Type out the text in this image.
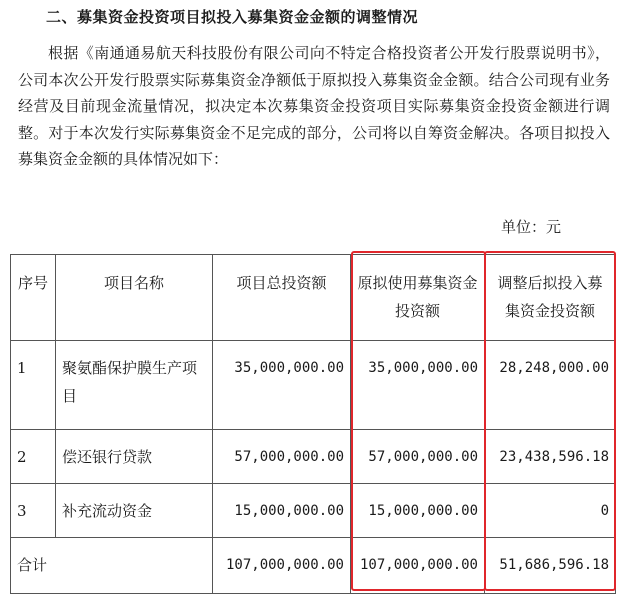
二、募集资金投资项目拟投入募集资金金额的调整情况

根据《南通通易航天科技股份有限公司向不特定合格投资者公开发行股票说明书》，公司本次公开发行股票实际募集资金净额低于原拟投入募集资金金额。结合公司现有业务经营及目前现金流量情况，拟决定本次募集资金投资项目实际募集资金投资金额进行调整。对于本次发行实际募集资金不足完成的部分，公司将以自筹资金解决。各项目拟投入募集资金金额的具体情况如下：

单位：元
序号	项目名称	项目总投资额	原拟使用募集资金投资额	调整后拟投入募集资金投资额
1	聚氨酯保护膜生产项目	35,000,000.00	35,000,000.00	28,248,000.00
2	偿还银行贷款	57,000,000.00	57,000,000.00	23,438,596.18
3	补充流动资金	15,000,000.00	15,000,000.00	0
合计		107,000,000.00	107,000,000.00	51,686,596.18
